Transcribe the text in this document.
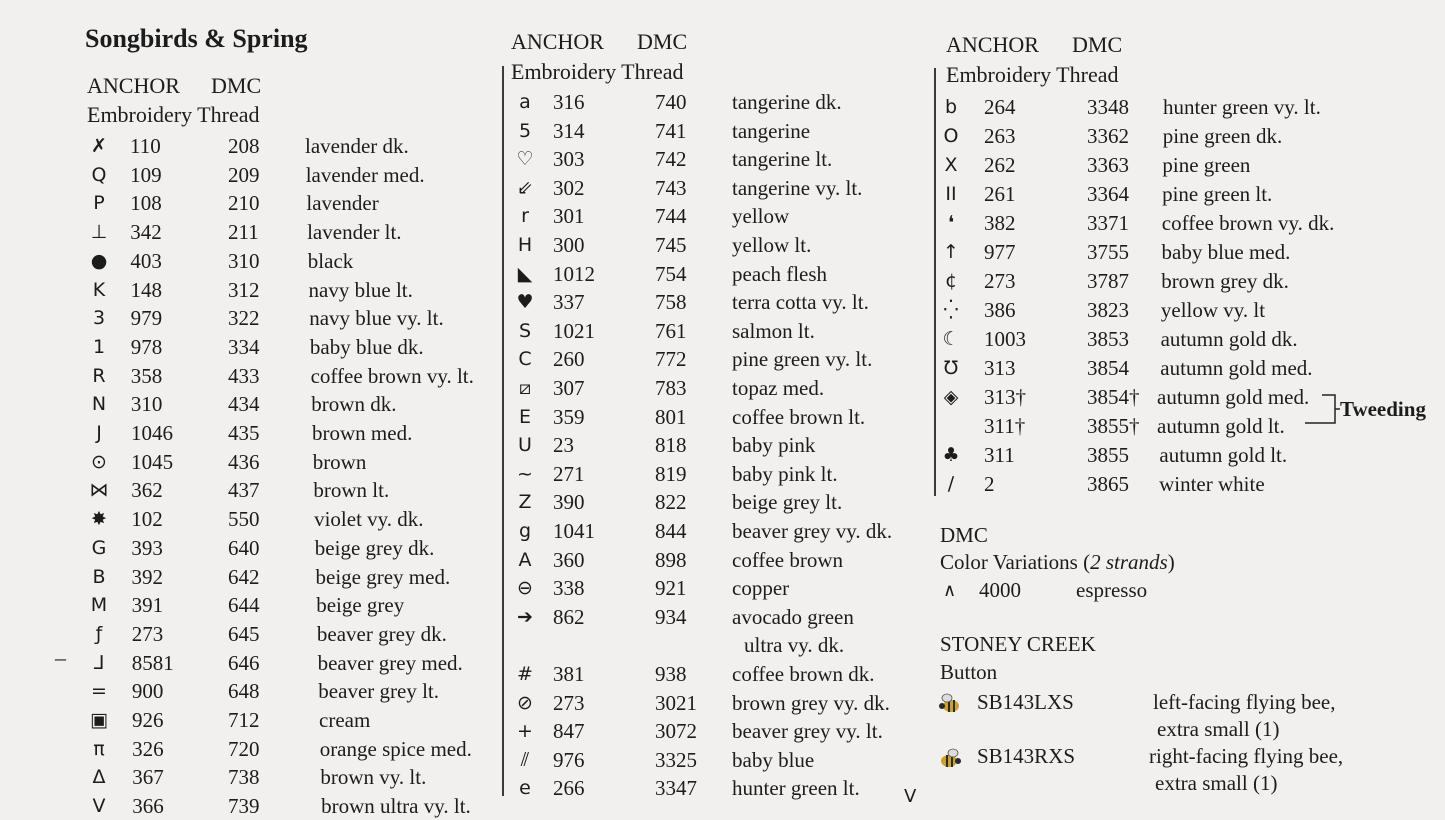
Songbirds & Spring
ANCHOR DMC
Embroidery Thread
ANCHOR DMC
Embroidery Thread
ANCHOR DMC
Embroidery Thread
✗ 110	208 lavender dk.
Q	109	209 lavender med.
P	108	210 lavender
⊥ 342	211 lavender lt.
● 403	310 black
K	148	312 navy blue lt.
3	979	322 navy blue vy. lt.
1	978	334 baby blue dk.
R	358	433 coffee brown vy. lt.
N	310	434 brown dk.
J	1046	435	brown med.
⊙ 1045	436	brown
⋈ 362	437	brown lt.
✸ 102	550	violet vy. dk.
G	393	640	beige grey dk.
B	392	642	beige grey med.
M 391	644	beige grey
ƒ	273	645	beaver grey dk.
⅃	8581	646	beaver grey med.
= 900	648	beaver grey lt.
▣ 926	712	cream
π	326	720	orange spice med.
Δ	367	738	brown vy. lt.
V	366	739	brown ultra vy. lt.
a	316	740 tangerine dk.
5	314	741 tangerine
♡ 303	742 tangerine lt.
⇙ 302	743 tangerine vy. lt.
r	301	744 yellow
H 300	745 yellow lt.
◣ 1012	754 peach flesh
♥ 337	758 terra cotta vy. lt.
S	1021	761 salmon lt.
C	260	772 pine green vy. lt.
⧄	307	783 topaz med.
E	359	801 coffee brown lt.
U	23	818 baby pink
~ 271	819 baby pink lt.
Z	390	822 beige grey lt.
g	1041	844 beaver grey vy. dk.
A	360	898 coffee brown
⊖ 338	921 copper
➔ 862	934 avocado green
ultra vy. dk.
# 381	938 coffee brown dk.
⊘ 273	3021 brown grey vy. dk.
+ 847	3072 beaver grey vy. lt.
⫽	976	3325 baby blue
e	266	3347 hunter green lt.
b	264	3348 hunter green vy. lt.
O	263	3362 pine green dk.
X	262	3363 pine green
II	261	3364 pine green lt.
❛	382	3371 coffee brown vy. dk.
↑ 977	3755 baby blue med.
¢	273	3787 brown grey dk.
⁛	386	3823 yellow vy. lt
☾ 1003	3853 autumn gold dk.
Ʊ	313	3854 autumn gold med.
◈	313†	3854† autumn gold med.
311†	3855† autumn gold lt.
♣ 311	3855 autumn gold lt.
∕	2	3865 winter white
Tweeding
DMC
Color Variations (2 strands)
∧ 4000	espresso
STONEY CREEK
Button
SB143LXS	left-facing flying bee,
extra small (1)
SB143RXS	right-facing flying bee,
extra small (1)
V
–
